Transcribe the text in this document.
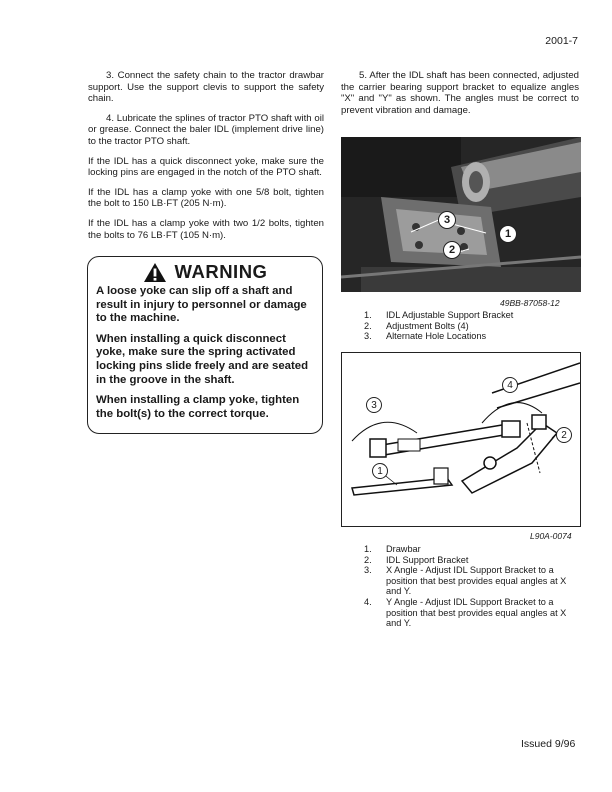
2001-7

3. Connect the safety chain to the tractor drawbar support. Use the support clevis to support the safety chain.

4. Lubricate the splines of tractor PTO shaft with oil or grease. Connect the baler IDL (implement drive line) to the tractor PTO shaft.

If the IDL has a quick disconnect yoke, make sure the locking pins are engaged in the notch of the PTO shaft.

If the IDL has a clamp yoke with one 5/8 bolt, tighten the bolt to 150 LB·FT (205 N·m).

If the IDL has a clamp yoke with two 1/2 bolts, tighten the bolts to 76 LB·FT (105 N·m).

WARNING

A loose yoke can slip off a shaft and result in injury to personnel or damage to the machine.

When installing a quick disconnect yoke, make sure the spring activated locking pins slide freely and are seated in the groove in the shaft.

When installing a clamp yoke, tighten the bolt(s) to the correct torque.

5. After the IDL shaft has been connected, adjusted the carrier bearing support bracket to equalize angles "X" and "Y" as shown. The angles must be correct to prevent vibration and damage.

3
2
1
49BB-87058-12
1.	IDL Adjustable Support Bracket
2.	Adjustment Bolts (4)
3.	Alternate Hole Locations
3
4
2
1
L90A-0074
1.	Drawbar
2.	IDL Support Bracket
3.	X Angle - Adjust IDL Support Bracket to a position that best provides equal angles at X and Y.
4.	Y Angle - Adjust IDL Support Bracket to a position that best provides equal angles at X and Y.
Issued 9/96
